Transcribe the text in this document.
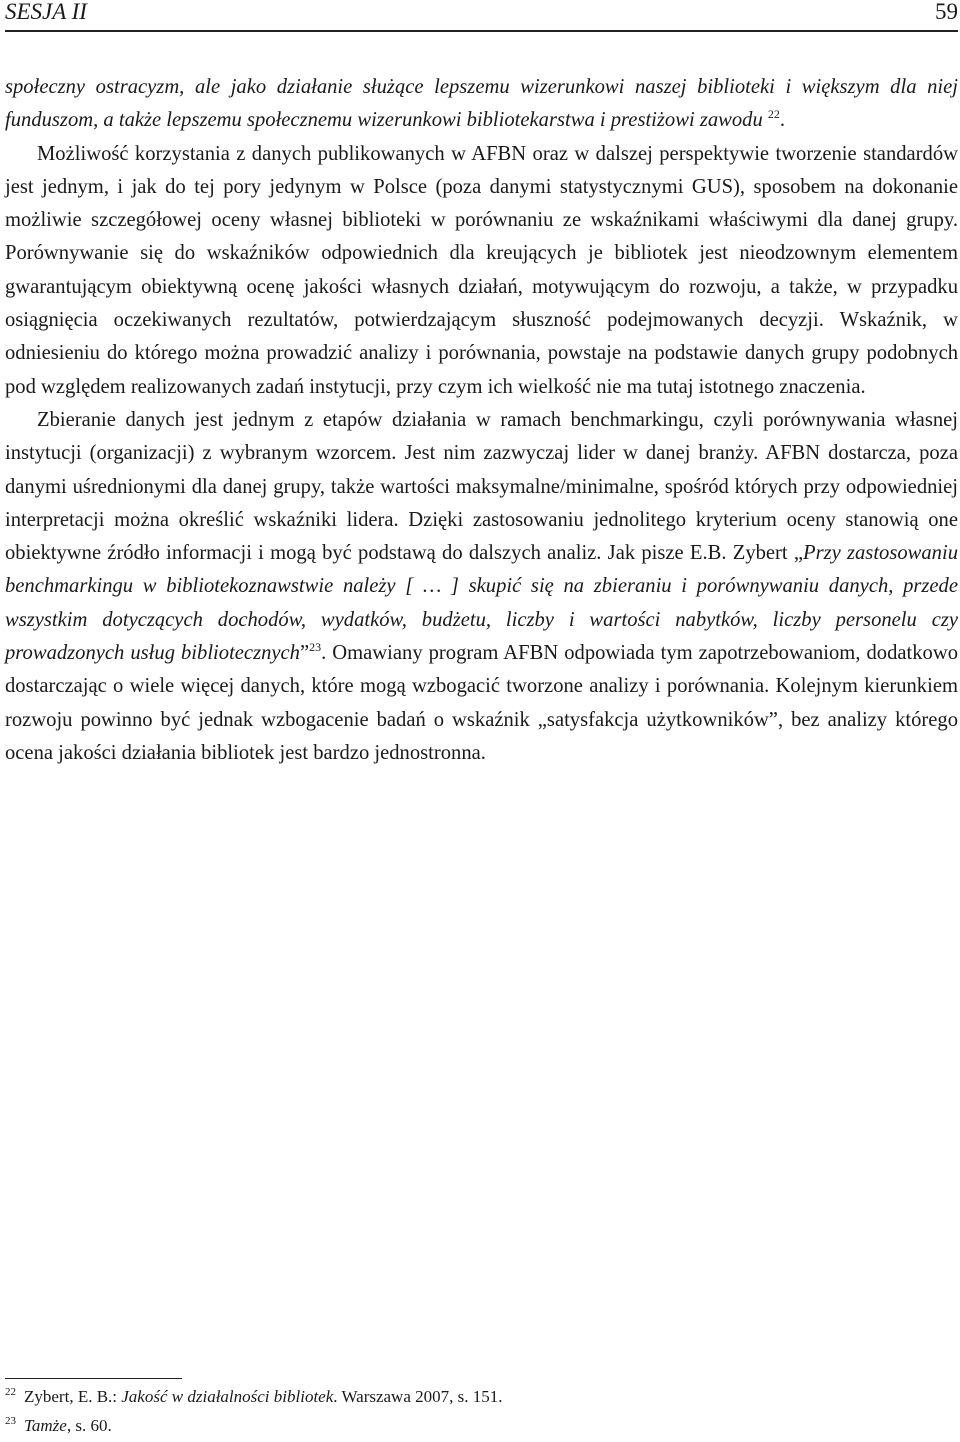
SESJA II	59

społeczny ostracyzm, ale jako działanie służące lepszemu wizerunkowi naszej biblioteki i większym dla niej funduszom, a także lepszemu społecznemu wizerunkowi bibliotekarstwa i prestiżowi zawodu $^{22}$.

Możliwość korzystania z danych publikowanych w AFBN oraz w dalszej perspektywie tworzenie standardów jest jednym, i jak do tej pory jedynym w Polsce (poza danymi statystycznymi GUS), sposobem na dokonanie możliwie szczegółowej oceny własnej biblioteki w porównaniu ze wskaźnikami właściwymi dla danej grupy. Porównywanie się do wskaźników odpowiednich dla kreujących je bibliotek jest nieodzownym elementem gwarantującym obiektywną ocenę jakości własnych działań, motywującym do rozwoju, a także, w przypadku osiągnięcia oczekiwanych rezultatów, potwierdzającym słuszność podejmowanych decyzji. Wskaźnik, w odniesieniu do którego można prowadzić analizy i porównania, powstaje na podstawie danych grupy podobnych pod względem realizowanych zadań instytucji, przy czym ich wielkość nie ma tutaj istotnego znaczenia.

Zbieranie danych jest jednym z etapów działania w ramach benchmarkingu, czyli porównywania własnej instytucji (organizacji) z wybranym wzorcem. Jest nim zazwyczaj lider w danej branży. AFBN dostarcza, poza danymi uśrednionymi dla danej grupy, także wartości maksymalne/minimalne, spośród których przy odpowiedniej interpretacji można określić wskaźniki lidera. Dzięki zastosowaniu jednolitego kryterium oceny stanowią one obiektywne źródło informacji i mogą być podstawą do dalszych analiz. Jak pisze E.B. Zybert „Przy zastosowaniu benchmarkingu w bibliotekoznawstwie należy [ … ] skupić się na zbieraniu i porównywaniu danych, przede wszystkim dotyczących dochodów, wydatków, budżetu, liczby i wartości nabytków, liczby personelu czy prowadzonych usług bibliotecznych”$^{23}$. Omawiany program AFBN odpowiada tym zapotrzebowaniom, dodatkowo dostarczając o wiele więcej danych, które mogą wzbogacić tworzone analizy i porównania. Kolejnym kierunkiem rozwoju powinno być jednak wzbogacenie badań o wskaźnik „satysfakcja użytkowników”, bez analizy którego ocena jakości działania bibliotek jest bardzo jednostronna.

$^{22}$ Zybert, E. B.: Jakość w działalności bibliotek. Warszawa 2007, s. 151.
$^{23}$ Tamże, s. 60.
